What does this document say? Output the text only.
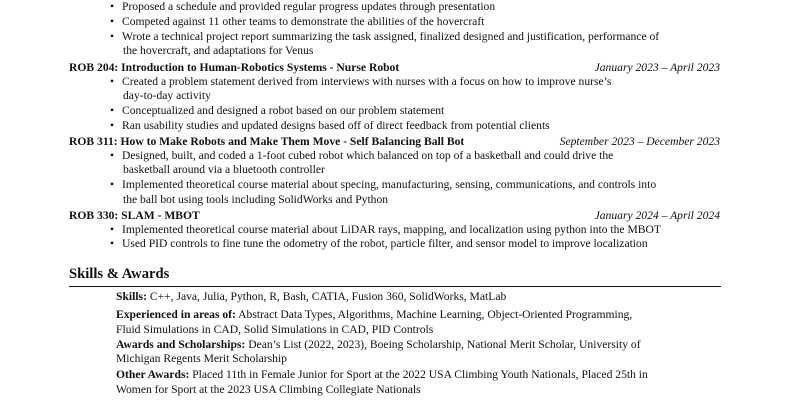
• Proposed a schedule and provided regular progress updates through presentation
• Competed against 11 other teams to demonstrate the abilities of the hovercraft
• Wrote a technical project report summarizing the task assigned, finalized designed and justification, performance of
the hovercraft, and adaptations for Venus
ROB 204: Introduction to Human-Robotics Systems - Nurse Robot	January 2023 – April 2023
• Created a problem statement derived from interviews with nurses with a focus on how to improve nurse’s
day-to-day activity
• Conceptualized and designed a robot based on our problem statement
• Ran usability studies and updated designs based off of direct feedback from potential clients
ROB 311: How to Make Robots and Make Them Move - Self Balancing Ball Bot	September 2023 – December 2023
• Designed, built, and coded a 1-foot cubed robot which balanced on top of a basketball and could drive the
basketball around via a bluetooth controller
• Implemented theoretical course material about specing, manufacturing, sensing, communications, and controls into
the ball bot using tools including SolidWorks and Python
ROB 330: SLAM - MBOT	January 2024 – April 2024
• Implemented theoretical course material about LiDAR rays, mapping, and localization using python into the MBOT
• Used PID controls to fine tune the odometry of the robot, particle filter, and sensor model to improve localization
Skills & Awards
Skills: C++, Java, Julia, Python, R, Bash, CATIA, Fusion 360, SolidWorks, MatLab
Experienced in areas of: Abstract Data Types, Algorithms, Machine Learning, Object-Oriented Programming,
Fluid Simulations in CAD, Solid Simulations in CAD, PID Controls
Awards and Scholarships: Dean’s List (2022, 2023), Boeing Scholarship, National Merit Scholar, University of
Michigan Regents Merit Scholarship
Other Awards: Placed 11th in Female Junior for Sport at the 2022 USA Climbing Youth Nationals, Placed 25th in
Women for Sport at the 2023 USA Climbing Collegiate Nationals
